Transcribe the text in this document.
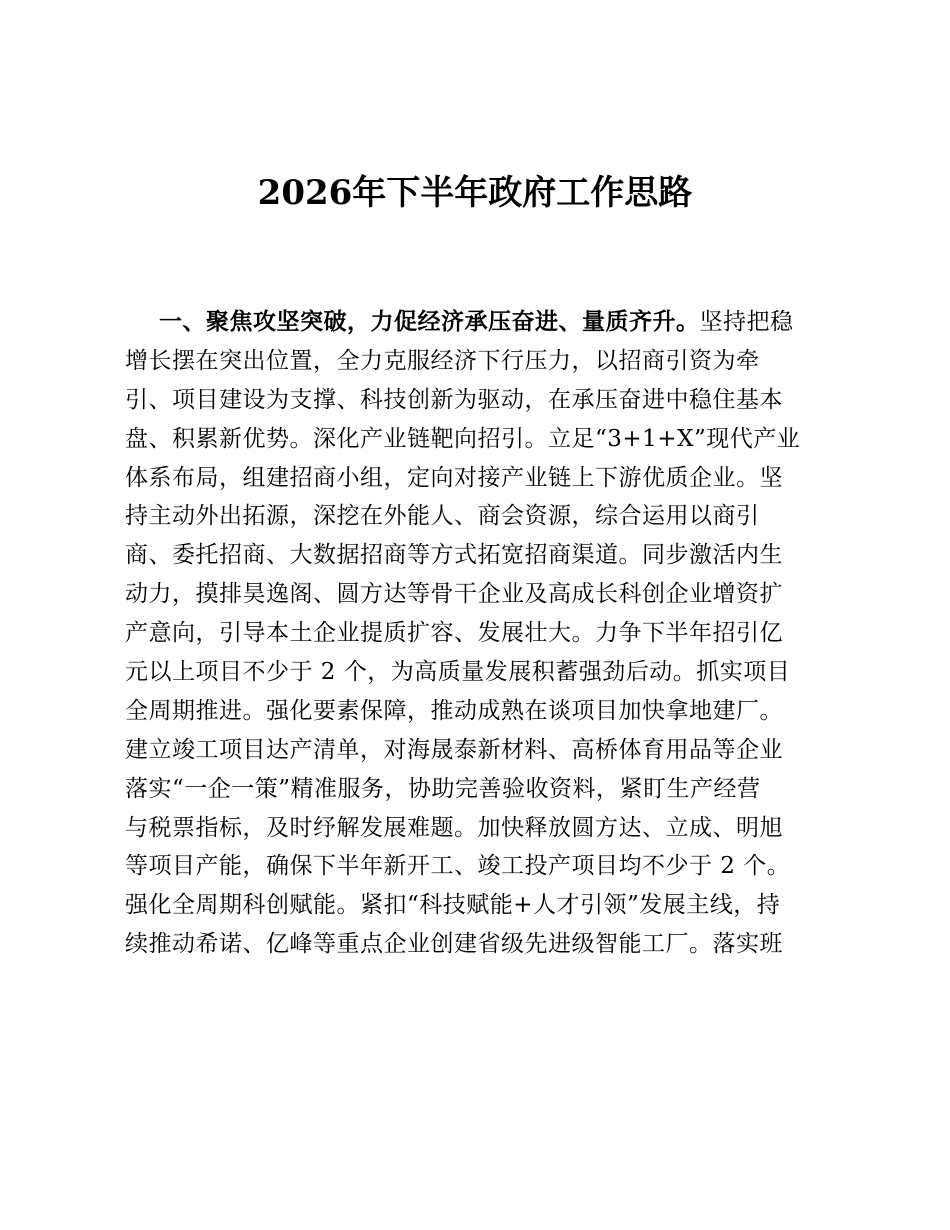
2026年下半年政府工作思路
一、聚焦攻坚突破，力促经济承压奋进、量质齐升。坚持把稳
增长摆在突出位置，全力克服经济下行压力，以招商引资为牵
引、项目建设为支撑、科技创新为驱动，在承压奋进中稳住基本
盘、积累新优势。深化产业链靶向招引。立足“3+1+X”现代产业
体系布局，组建招商小组，定向对接产业链上下游优质企业。坚
持主动外出拓源，深挖在外能人、商会资源，综合运用以商引
商、委托招商、大数据招商等方式拓宽招商渠道。同步激活内生
动力，摸排昊逸阁、圆方达等骨干企业及高成长科创企业增资扩
产意向，引导本土企业提质扩容、发展壮大。力争下半年招引亿
元以上项目不少于 2 个，为高质量发展积蓄强劲后动。抓实项目
全周期推进。强化要素保障，推动成熟在谈项目加快拿地建厂。
建立竣工项目达产清单，对海晟泰新材料、高桥体育用品等企业
落实“一企一策”精准服务，协助完善验收资料，紧盯生产经营
与税票指标，及时纾解发展难题。加快释放圆方达、立成、明旭
等项目产能，确保下半年新开工、竣工投产项目均不少于 2 个。
强化全周期科创赋能。紧扣“科技赋能+人才引领”发展主线，持
续推动希诺、亿峰等重点企业创建省级先进级智能工厂。落实班
